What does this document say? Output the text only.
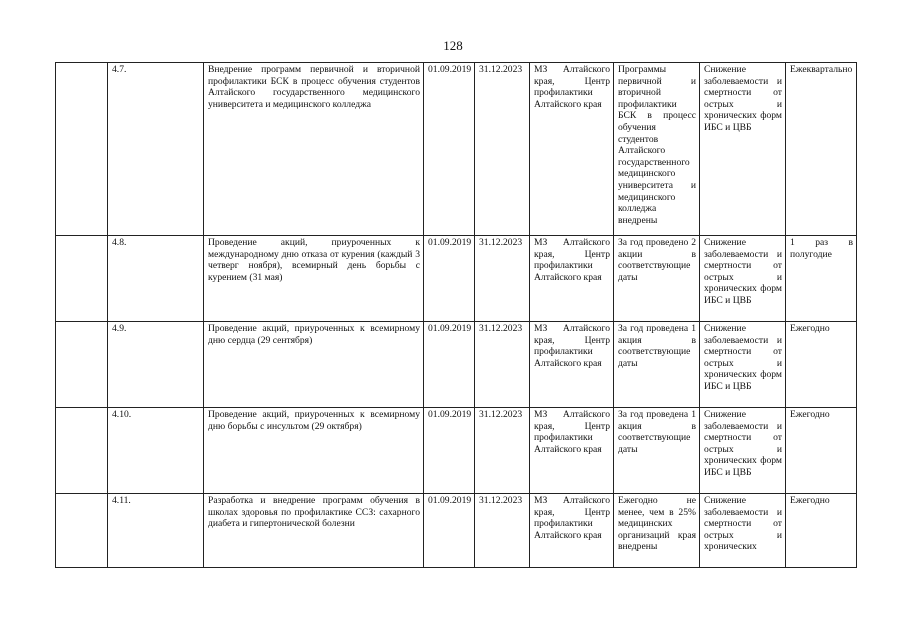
128

	4.7.	Внедрение программ первичной и вторичной профилактики БСК в процесс обучения студентов Алтайского государственного медицинского университета и медицинского колледжа	01.09.2019	31.12.2023	МЗ Алтайского края, Центр профилактики Алтайского края	Программы первичной и вторичной профилактики БСК в процесс обучения студентов Алтайского государственного медицинского университета и медицинского колледжа внедрены	Снижение заболеваемости и смертности от острых и хронических форм ИБС и ЦВБ	Ежеквартально

	4.8.	Проведение акций, приуроченных к международному дню отказа от курения (каждый 3 четверг ноября), всемирный день борьбы с курением (31 мая)	01.09.2019	31.12.2023	МЗ Алтайского края, Центр профилактики Алтайского края	За год проведено 2 акции в соответствующие даты	Снижение заболеваемости и смертности от острых и хронических форм ИБС и ЦВБ	1 раз в полугодие

	4.9.	Проведение акций, приуроченных к всемирному дню сердца (29 сентября)	01.09.2019	31.12.2023	МЗ Алтайского края, Центр профилактики Алтайского края	За год проведена 1 акция в соответствующие даты	Снижение заболеваемости и смертности от острых и хронических форм ИБС и ЦВБ	Ежегодно

	4.10.	Проведение акций, приуроченных к всемирному дню борьбы с инсультом (29 октября)	01.09.2019	31.12.2023	МЗ Алтайского края, Центр профилактики Алтайского края	За год проведена 1 акция в соответствующие даты	Снижение заболеваемости и смертности от острых и хронических форм ИБС и ЦВБ	Ежегодно

	4.11.	Разработка и внедрение программ обучения в школах здоровья по профилактике ССЗ: сахарного диабета и гипертонической болезни	01.09.2019	31.12.2023	МЗ Алтайского края, Центр профилактики Алтайского края	Ежегодно не менее, чем в 25% медицинских организаций края внедрены	Снижение заболеваемости и смертности от острых и хронических	Ежегодно
